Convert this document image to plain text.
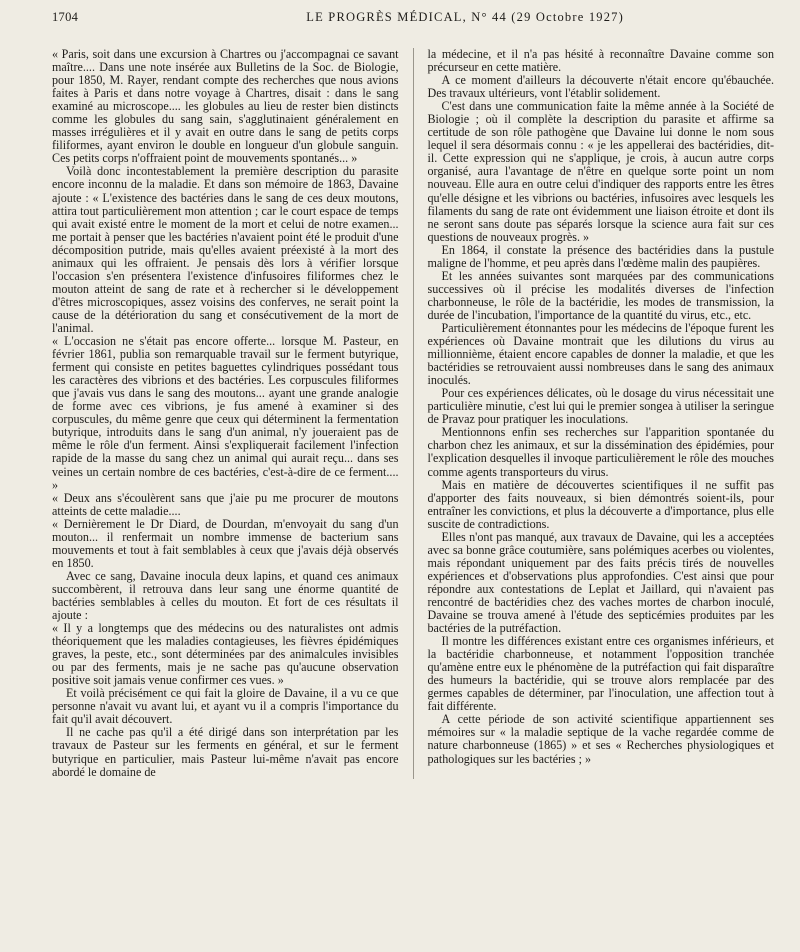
1704	LE PROGRÈS MÉDICAL, N° 44 (29 Octobre 1927)

« Paris, soit dans une excursion à Chartres ou j'accompagnai ce savant maître.... Dans une note insérée aux Bulletins de la Soc. de Biologie, pour 1850, M. Rayer, rendant compte des recherches que nous avions faites à Paris et dans notre voyage à Chartres, disait : dans le sang examiné au microscope.... les globules au lieu de rester bien distincts comme les globules du sang sain, s'agglutinaient généralement en masses irrégulières et il y avait en outre dans le sang de petits corps filiformes, ayant environ le double en longueur d'un globule sanguin. Ces petits corps n'offraient point de mouvements spontanés... »

Voilà donc incontestablement la première description du parasite encore inconnu de la maladie. Et dans son mémoire de 1863, Davaine ajoute : « L'existence des bactéries dans le sang de ces deux moutons, attira tout particulièrement mon attention ; car le court espace de temps qui avait existé entre le moment de la mort et celui de notre examen... me portait à penser que les bactéries n'avaient point été le produit d'une décomposition putride, mais qu'elles avaient préexisté à la mort des animaux qui les offraient. Je pensais dès lors à vérifier lorsque l'occasion s'en présentera l'existence d'infusoires filiformes chez le mouton atteint de sang de rate et à rechercher si le développement d'êtres microscopiques, assez voisins des conferves, ne serait point la cause de la détérioration du sang et consécutivement de la mort de l'animal.

« L'occasion ne s'était pas encore offerte... lorsque M. Pasteur, en février 1861, publia son remarquable travail sur le ferment butyrique, ferment qui consiste en petites baguettes cylindriques possédant tous les caractères des vibrions et des bactéries. Les corpuscules filiformes que j'avais vus dans le sang des moutons... ayant une grande analogie de forme avec ces vibrions, je fus amené à examiner si des corpuscules, du même genre que ceux qui déterminent la fermentation butyrique, introduits dans le sang d'un animal, n'y joueraient pas de même le rôle d'un ferment. Ainsi s'expliquerait facilement l'infection rapide de la masse du sang chez un animal qui aurait reçu... dans ses veines un certain nombre de ces bactéries, c'est-à-dire de ce ferment.... »

« Deux ans s'écoulèrent sans que j'aie pu me procurer de moutons atteints de cette maladie....

« Dernièrement le Dr Diard, de Dourdan, m'envoyait du sang d'un mouton... il renfermait un nombre immense de bacterium sans mouvements et tout à fait semblables à ceux que j'avais déjà observés en 1850.

Avec ce sang, Davaine inocula deux lapins, et quand ces animaux succombèrent, il retrouva dans leur sang une énorme quantité de bactéries semblables à celles du mouton. Et fort de ces résultats il ajoute :

« Il y a longtemps que des médecins ou des naturalistes ont admis théoriquement que les maladies contagieuses, les fièvres épidémiques graves, la peste, etc., sont déterminées par des animalcules invisibles ou par des ferments, mais je ne sache pas qu'aucune observation positive soit jamais venue confirmer ces vues. »

Et voilà précisément ce qui fait la gloire de Davaine, il a vu ce que personne n'avait vu avant lui, et ayant vu il a compris l'importance du fait qu'il avait découvert.

Il ne cache pas qu'il a été dirigé dans son interprétation par les travaux de Pasteur sur les ferments en général, et sur le ferment butyrique en particulier, mais Pasteur lui-même n'avait pas encore abordé le domaine de

la médecine, et il n'a pas hésité à reconnaître Davaine comme son précurseur en cette matière.

A ce moment d'ailleurs la découverte n'était encore qu'ébauchée. Des travaux ultérieurs, vont l'établir solidement.

C'est dans une communication faite la même année à la Société de Biologie ; où il complète la description du parasite et affirme sa certitude de son rôle pathogène que Davaine lui donne le nom sous lequel il sera désormais connu : « je les appellerai des bactéridies, dit-il. Cette expression qui ne s'applique, je crois, à aucun autre corps organisé, aura l'avantage de n'être en quelque sorte point un nom nouveau. Elle aura en outre celui d'indiquer des rapports entre les êtres qu'elle désigne et les vibrions ou bactéries, infusoires avec lesquels les filaments du sang de rate ont évidemment une liaison étroite et dont ils ne seront sans doute pas séparés lorsque la science aura fait sur ces questions de nouveaux progrès. »

En 1864, il constate la présence des bactéridies dans la pustule maligne de l'homme, et peu après dans l'œdème malin des paupières.

Et les années suivantes sont marquées par des communications successives où il précise les modalités diverses de l'infection charbonneuse, le rôle de la bactéridie, les modes de transmission, la durée de l'incubation, l'importance de la quantité du virus, etc., etc.

Particulièrement étonnantes pour les médecins de l'époque furent les expériences où Davaine montrait que les dilutions du virus au millionnième, étaient encore capables de donner la maladie, et que les bactéridies se retrouvaient aussi nombreuses dans le sang des animaux inoculés.

Pour ces expériences délicates, où le dosage du virus nécessitait une particulière minutie, c'est lui qui le premier songea à utiliser la seringue de Pravaz pour pratiquer les inoculations.

Mentionnons enfin ses recherches sur l'apparition spontanée du charbon chez les animaux, et sur la dissémination des épidémies, pour l'explication desquelles il invoque particulièrement le rôle des mouches comme agents transporteurs du virus.

Mais en matière de découvertes scientifiques il ne suffit pas d'apporter des faits nouveaux, si bien démontrés soient-ils, pour entraîner les convictions, et plus la découverte a d'importance, plus elle suscite de contradictions.

Elles n'ont pas manqué, aux travaux de Davaine, qui les a acceptées avec sa bonne grâce coutumière, sans polémiques acerbes ou violentes, mais répondant uniquement par des faits précis tirés de nouvelles expériences et d'observations plus approfondies. C'est ainsi que pour répondre aux contestations de Leplat et Jaillard, qui n'avaient pas rencontré de bactéridies chez des vaches mortes de charbon inoculé, Davaine se trouva amené à l'étude des septicémies produites par les bactéries de la putréfaction.

Il montre les différences existant entre ces organismes inférieurs, et la bactéridie charbonneuse, et notamment l'opposition tranchée qu'amène entre eux le phénomène de la putréfaction qui fait disparaître des humeurs la bactéridie, qui se trouve alors remplacée par des germes capables de déterminer, par l'inoculation, une affection tout à fait différente.

A cette période de son activité scientifique appartiennent ses mémoires sur « la maladie septique de la vache regardée comme de nature charbonneuse (1865) » et ses « Recherches physiologiques et pathologiques sur les bactéries ; »
